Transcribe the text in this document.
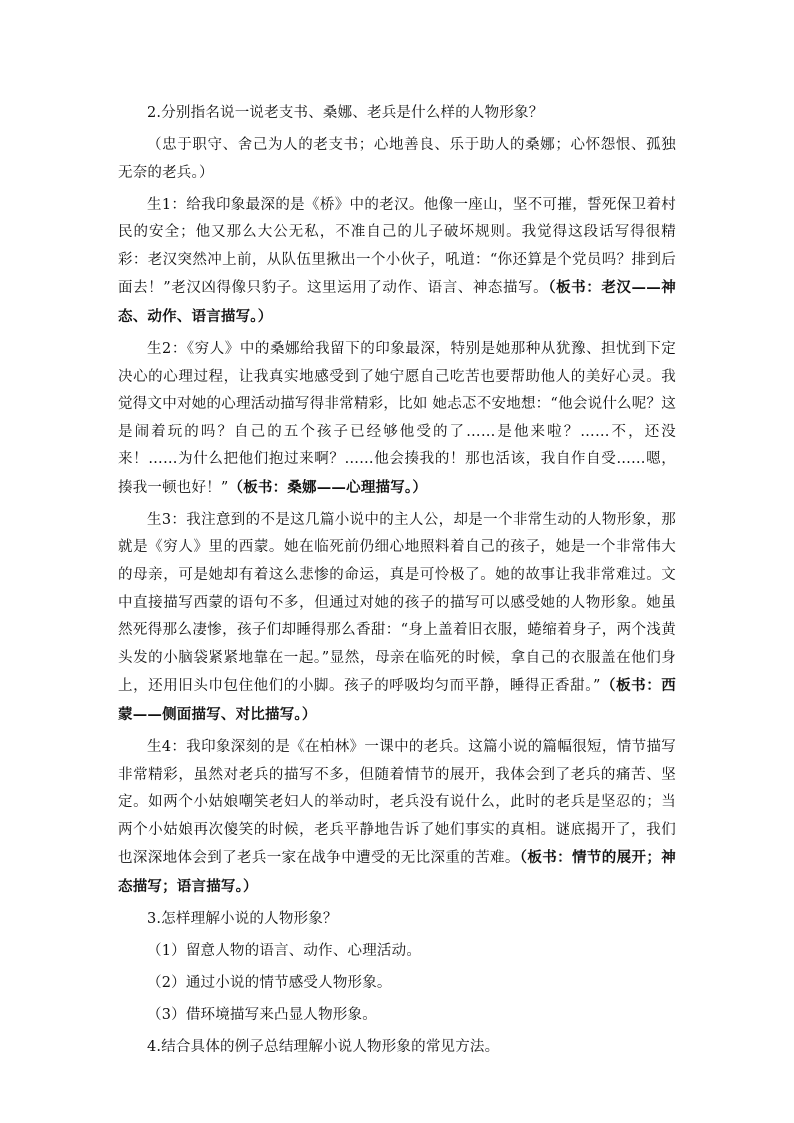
2.分别指名说一说老支书、桑娜、老兵是什么样的人物形象？

（忠于职守、舍己为人的老支书；心地善良、乐于助人的桑娜；心怀怨恨、孤独无奈的老兵。）

生1：给我印象最深的是《桥》中的老汉。他像一座山，坚不可摧，誓死保卫着村民的安全；他又那么大公无私，不准自己的儿子破坏规则。我觉得这段话写得很精彩：老汉突然冲上前，从队伍里揪出一个小伙子，吼道：“你还算是个党员吗？排到后面去！”老汉凶得像只豹子。这里运用了动作、语言、神态描写。（板书：老汉——神态、动作、语言描写。）

生2：《穷人》中的桑娜给我留下的印象最深，特别是她那种从犹豫、担忧到下定决心的心理过程，让我真实地感受到了她宁愿自己吃苦也要帮助他人的美好心灵。我觉得文中对她的心理活动描写得非常精彩，比如 她忐忑不安地想：“他会说什么呢？这是闹着玩的吗？自己的五个孩子已经够他受的了……是他来啦？……不，还没来！……为什么把他们抱过来啊？……他会揍我的！那也活该，我自作自受……嗯，揍我一顿也好！”（板书：桑娜——心理描写。）

生3：我注意到的不是这几篇小说中的主人公，却是一个非常生动的人物形象，那就是《穷人》里的西蒙。她在临死前仍细心地照料着自己的孩子，她是一个非常伟大的母亲，可是她却有着这么悲惨的命运，真是可怜极了。她的故事让我非常难过。文中直接描写西蒙的语句不多，但通过对她的孩子的描写可以感受她的人物形象。她虽然死得那么凄惨，孩子们却睡得那么香甜：“身上盖着旧衣服，蜷缩着身子，两个浅黄头发的小脑袋紧紧地靠在一起。”显然，母亲在临死的时候，拿自己的衣服盖在他们身上，还用旧头巾包住他们的小脚。孩子的呼吸均匀而平静，睡得正香甜。”（板书：西蒙——侧面描写、对比描写。）

生4：我印象深刻的是《在柏林》一课中的老兵。这篇小说的篇幅很短，情节描写非常精彩，虽然对老兵的描写不多，但随着情节的展开，我体会到了老兵的痛苦、坚定。如两个小姑娘嘲笑老妇人的举动时，老兵没有说什么，此时的老兵是坚忍的；当两个小姑娘再次傻笑的时候，老兵平静地告诉了她们事实的真相。谜底揭开了，我们也深深地体会到了老兵一家在战争中遭受的无比深重的苦难。（板书：情节的展开；神态描写；语言描写。）

3.怎样理解小说的人物形象？

（1）留意人物的语言、动作、心理活动。

（2）通过小说的情节感受人物形象。

（3）借环境描写来凸显人物形象。

4.结合具体的例子总结理解小说人物形象的常见方法。
